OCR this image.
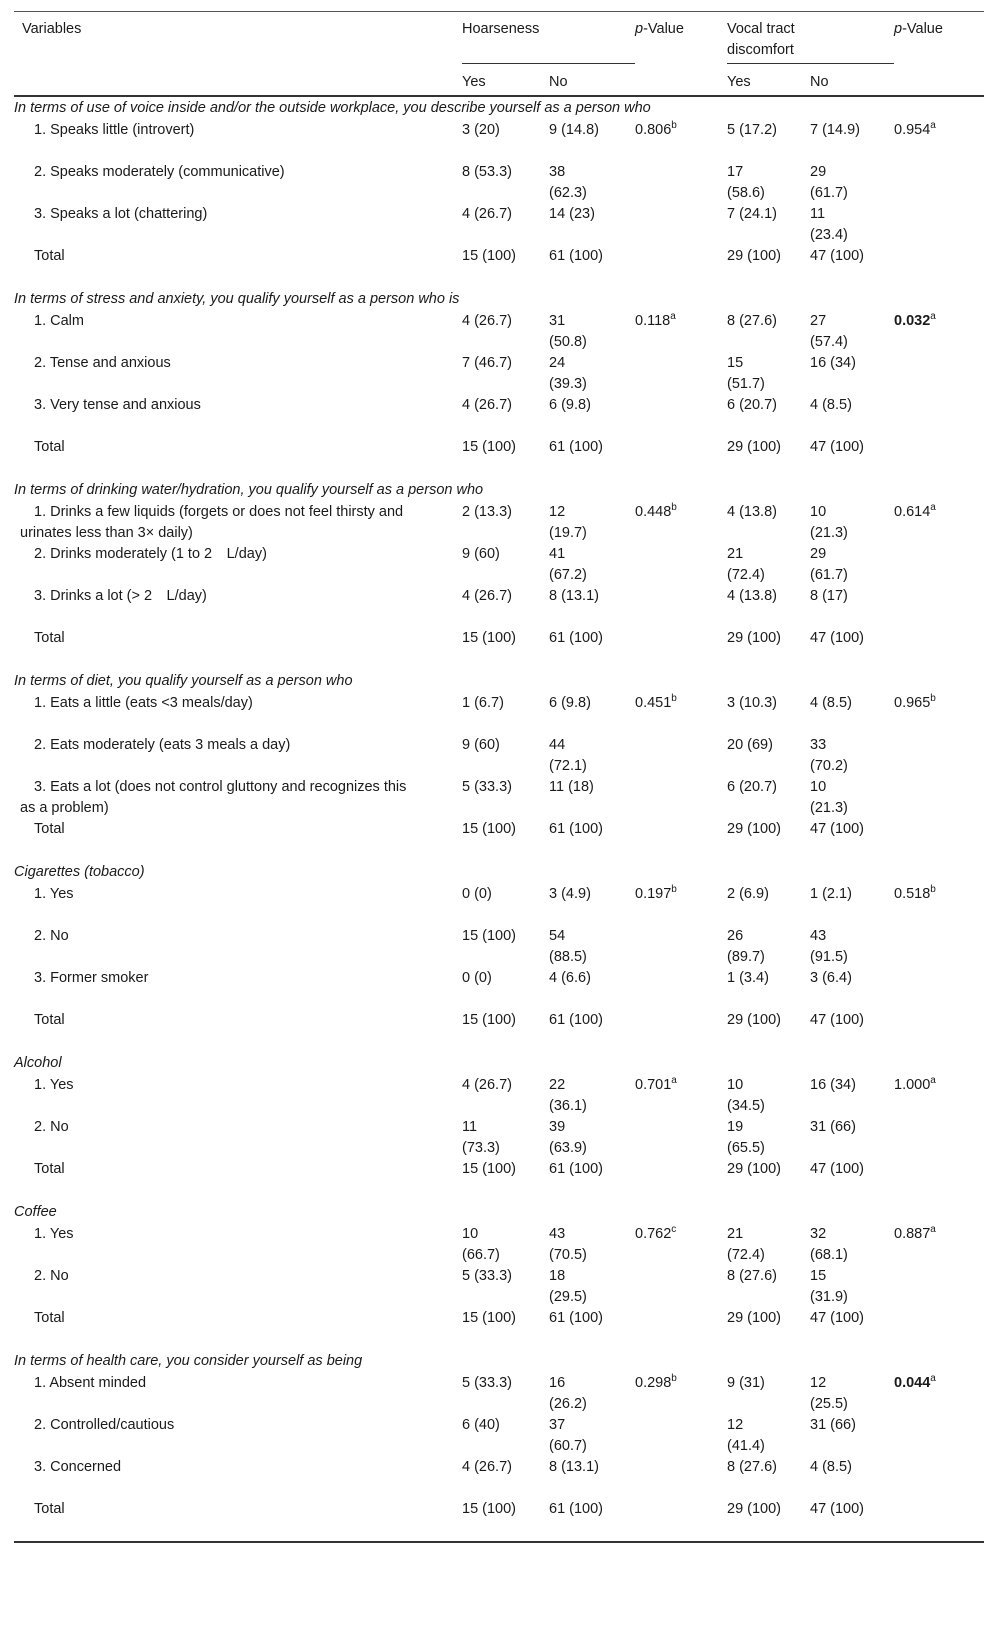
Variables	Hoarseness		p-Value	Vocal tract discomfort		p-Value
	Yes	No		Yes	No	

In terms of use of voice inside and/or the outside workplace, you describe yourself as a person who						
1. Speaks little (introvert)	3 (20)	9 (14.8)	0.806$^b$	5 (17.2)	7 (14.9)	0.954$^a$
2. Speaks moderately (communicative)	8 (53.3)	38 (62.3)		17 (58.6)	29 (61.7)	

3. Speaks a lot (chattering)	4 (26.7)	14 (23)		7 (24.1)	11 (23.4)	

Total	15 (100)	61 (100)		29 (100)	47 (100)	

In terms of stress and anxiety, you qualify yourself as a person who is						
1. Calm	4 (26.7)	31 (50.8)	0.118$^a$	8 (27.6)	27 (57.4)	0.032$^a$
2. Tense and anxious	7 (46.7)	24 (39.3)		15 (51.7)	16 (34)	

3. Very tense and anxious	4 (26.7)	6 (9.8)		6 (20.7)	4 (8.5)	

Total	15 (100)	61 (100)		29 (100)	47 (100)	

In terms of drinking water/hydration, you qualify yourself as a person who						
1. Drinks a few liquids (forgets or does not feel thirsty and urinates less than 3× daily)	2 (13.3)	12 (19.7)	0.448$^b$	4 (13.8)	10 (21.3)	0.614$^a$
2. Drinks moderately (1 to 2 L/day)	9 (60)	41 (67.2)		21 (72.4)	29 (61.7)	

3. Drinks a lot (> 2 L/day)	4 (26.7)	8 (13.1)		4 (13.8)	8 (17)	

Total	15 (100)	61 (100)		29 (100)	47 (100)	

In terms of diet, you qualify yourself as a person who						
1. Eats a little (eats <3 meals/day)	1 (6.7)	6 (9.8)	0.451$^b$	3 (10.3)	4 (8.5)	0.965$^b$
2. Eats moderately (eats 3 meals a day)	9 (60)	44 (72.1)		20 (69)	33 (70.2)	

3. Eats a lot (does not control gluttony and recognizes this as a problem)	5 (33.3)	11 (18)		6 (20.7)	10 (21.3)	

Total	15 (100)	61 (100)		29 (100)	47 (100)	

Cigarettes (tobacco)						
1. Yes	0 (0)	3 (4.9)	0.197$^b$	2 (6.9)	1 (2.1)	0.518$^b$
2. No	15 (100)	54 (88.5)		26 (89.7)	43 (91.5)	

3. Former smoker	0 (0)	4 (6.6)		1 (3.4)	3 (6.4)	

Total	15 (100)	61 (100)		29 (100)	47 (100)	

Alcohol						
1. Yes	4 (26.7)	22 (36.1)	0.701$^a$	10 (34.5)	16 (34)	1.000$^a$
2. No	11 (73.3)	39 (63.9)		19 (65.5)	31 (66)	

Total	15 (100)	61 (100)		29 (100)	47 (100)	

Coffee						
1. Yes	10 (66.7)	43 (70.5)	0.762$^c$	21 (72.4)	32 (68.1)	0.887$^a$
2. No	5 (33.3)	18 (29.5)		8 (27.6)	15 (31.9)	

Total	15 (100)	61 (100)		29 (100)	47 (100)	

In terms of health care, you consider yourself as being						
1. Absent minded	5 (33.3)	16 (26.2)	0.298$^b$	9 (31)	12 (25.5)	0.044$^a$
2. Controlled/cautious	6 (40)	37 (60.7)		12 (41.4)	31 (66)	

3. Concerned	4 (26.7)	8 (13.1)		8 (27.6)	4 (8.5)	

Total	15 (100)	61 (100)		29 (100)	47 (100)	
